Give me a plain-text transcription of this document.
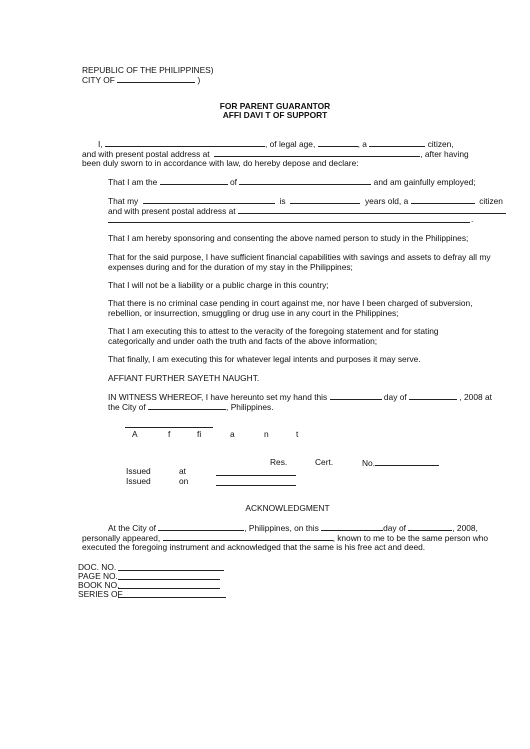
REPUBLIC OF THE PHILIPPINES)
CITY OF	)
FOR PARENT GUARANTOR
AFFI DAVI T OF SUPPORT
I,	, of legal age,	, a	citizen,
and with present postal address at	, after having
been duly sworn to in accordance with law, do hereby depose and declare:
That I am the	of	and am gainfully employed;
That my	is	years old, a	citizen
and with present postal address at
.
That I am hereby sponsoring and consenting the above named person to study in the Philippines;
That for the said purpose, I have sufficient financial capabilities with savings and assets to defray all my
expenses during and for the duration of my stay in the Philippines;
That I will not be a liability or a public charge in this country;
That there is no criminal case pending in court against me, nor have I been charged of subversion,
rebellion, or insurrection, smuggling or drug use in any court in the Philippines;
That I am executing this to attest to the veracity of the foregoing statement and for stating
categorically and under oath the truth and facts of the above information;
That finally, I am executing this for whatever legal intents and purposes it may serve.
AFFIANT FURTHER SAYETH NAUGHT.
IN WITNESS WHEREOF, I have hereunto set my hand this	day of	, 2008 at
the City of	, Philippines.
A	f	fi	a	n	t
Res.	Cert.	No.
Issued	at
Issued	on
ACKNOWLEDGMENT
At the City of	, Philippines, on this	day of	, 2008,
personally appeared,	, known to me to be the same person who
executed the foregoing instrument and acknowledged that the same is his free act and deed.
DOC. NO.
PAGE NO.
BOOK NO.
SERIES OF
